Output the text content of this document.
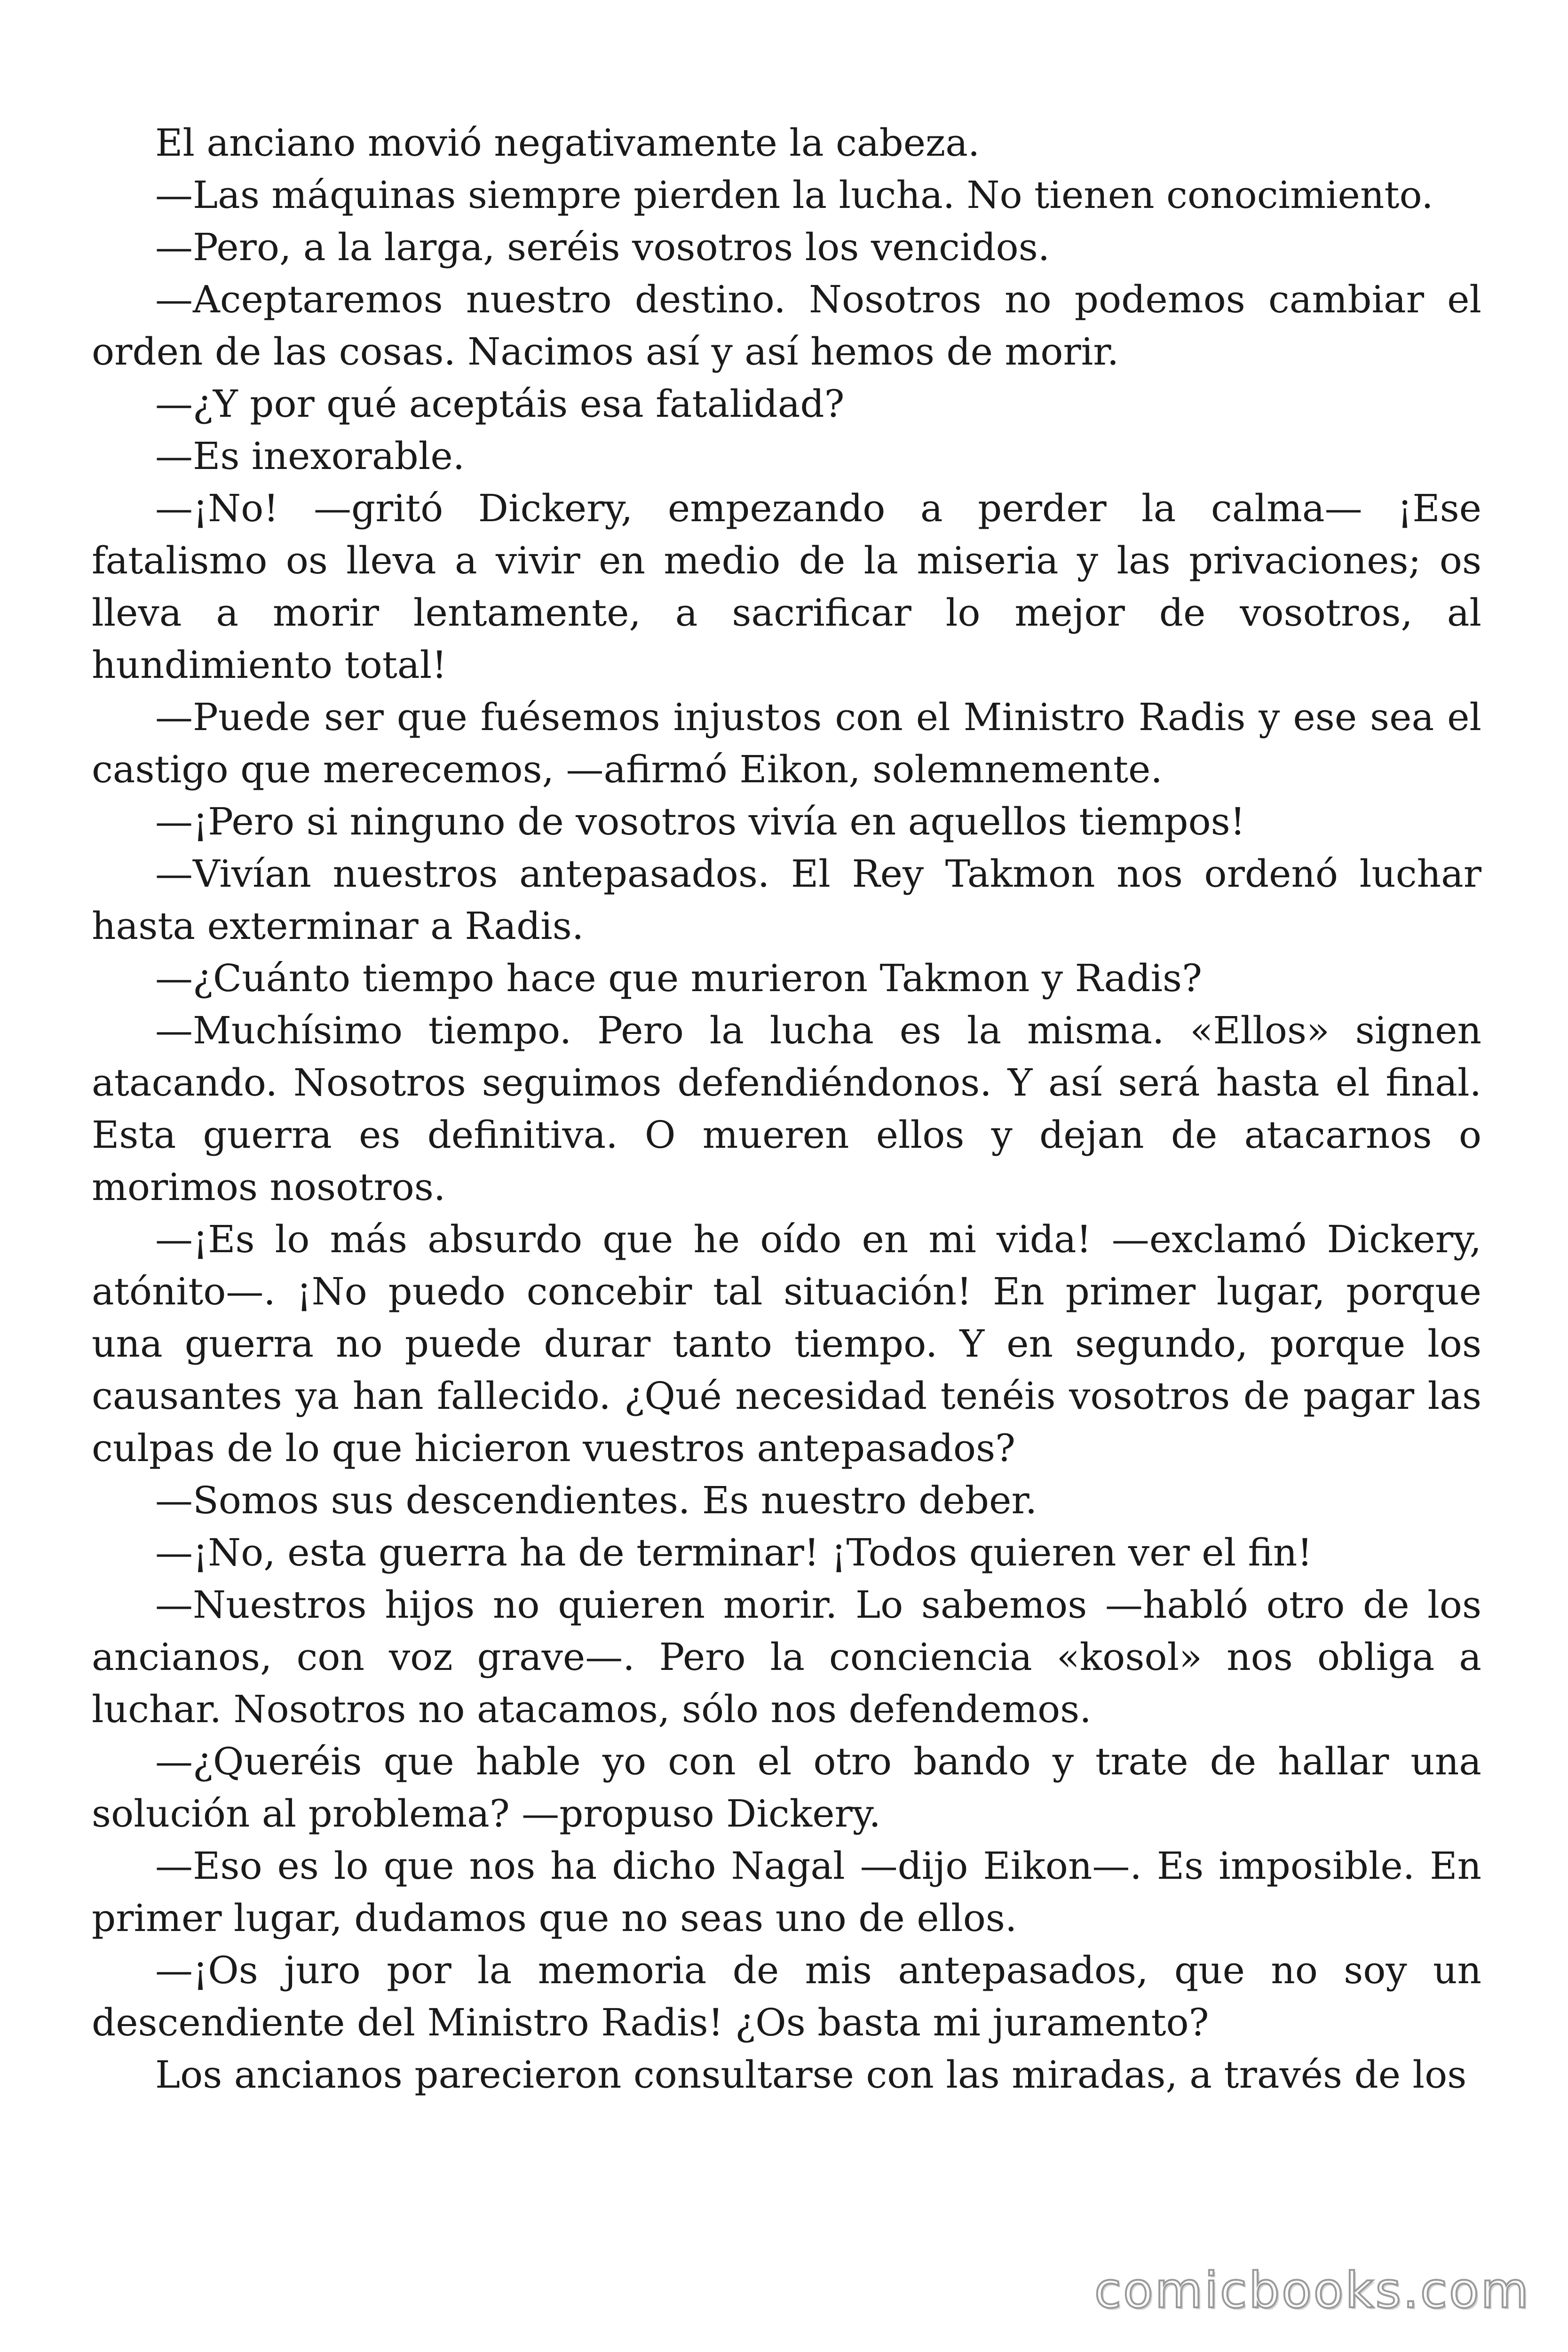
El anciano movió negativamente la cabeza.

—Las máquinas siempre pierden la lucha. No tienen conocimiento.

—Pero, a la larga, seréis vosotros los vencidos.

—Aceptaremos nuestro destino. Nosotros no podemos cambiar el orden de las cosas. Nacimos así y así hemos de morir.

—¿Y por qué aceptáis esa fatalidad?

—Es inexorable.

—¡No! —gritó Dickery, empezando a perder la calma— ¡Ese fatalismo os lleva a vivir en medio de la miseria y las privaciones; os lleva a morir lentamente, a sacrificar lo mejor de vosotros, al hundimiento total!

—Puede ser que fuésemos injustos con el Ministro Radis y ese sea el castigo que merecemos, —afirmó Eikon, solemnemente.

—¡Pero si ninguno de vosotros vivía en aquellos tiempos!

—Vivían nuestros antepasados. El Rey Takmon nos ordenó luchar hasta exterminar a Radis.

—¿Cuánto tiempo hace que murieron Takmon y Radis?

—Muchísimo tiempo. Pero la lucha es la misma. «Ellos» signen atacando. Nosotros seguimos defendiéndonos. Y así será hasta el final. Esta guerra es definitiva. O mueren ellos y dejan de atacarnos o morimos nosotros.

—¡Es lo más absurdo que he oído en mi vida! —exclamó Dickery, atónito—. ¡No puedo concebir tal situación! En primer lugar, porque una guerra no puede durar tanto tiempo. Y en segundo, porque los causantes ya han fallecido. ¿Qué necesidad tenéis vosotros de pagar las culpas de lo que hicieron vuestros antepasados?

—Somos sus descendientes. Es nuestro deber.

—¡No, esta guerra ha de terminar! ¡Todos quieren ver el fin!

—Nuestros hijos no quieren morir. Lo sabemos —habló otro de los ancianos, con voz grave—. Pero la conciencia «kosol» nos obliga a luchar. Nosotros no atacamos, sólo nos defendemos.

—¿Queréis que hable yo con el otro bando y trate de hallar una solución al problema? —propuso Dickery.

—Eso es lo que nos ha dicho Nagal —dijo Eikon—. Es imposible. En primer lugar, dudamos que no seas uno de ellos.

—¡Os juro por la memoria de mis antepasados, que no soy un descendiente del Ministro Radis! ¿Os basta mi juramento?

Los ancianos parecieron consultarse con las miradas, a través de los

comicbooks.com
